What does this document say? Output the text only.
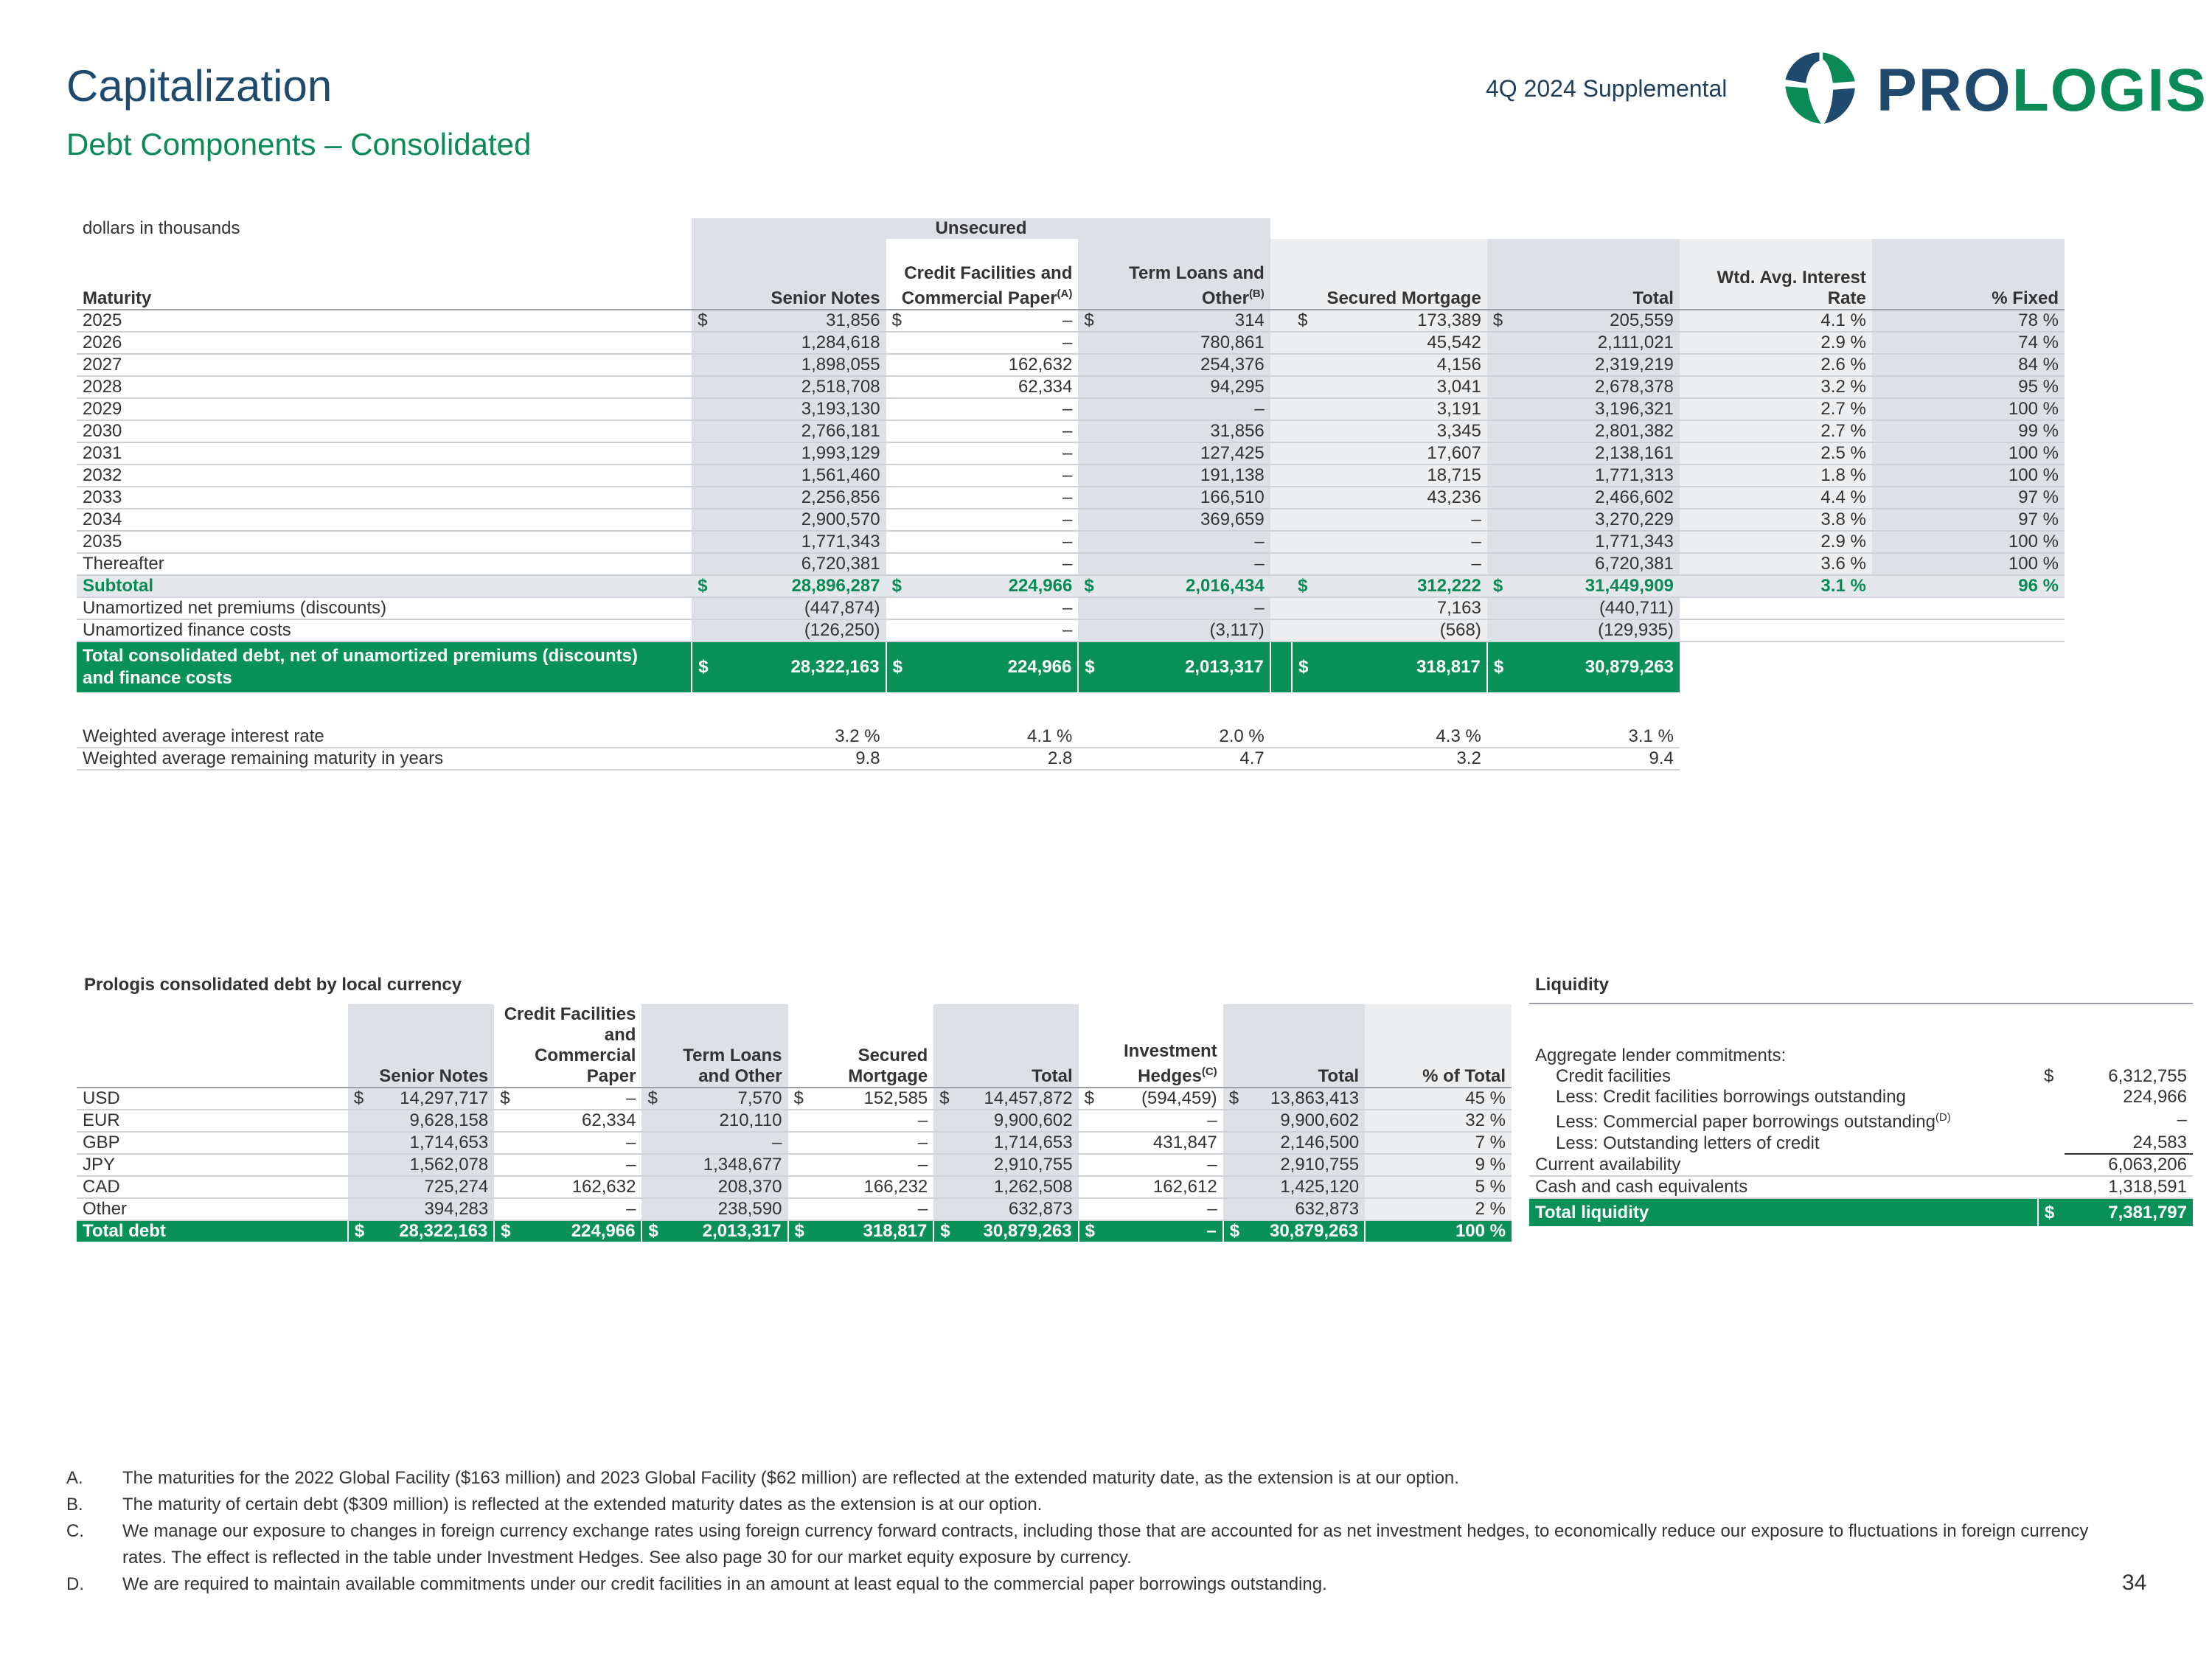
Capitalization
Debt Components – Consolidated
4Q 2024 Supplemental PROLOGIS
dollars in thousands	Unsecured												
Maturity	Senior Notes		Credit Facilities and Commercial Paper$^{(A)}$		Term Loans and Other$^{(B)}$			Secured Mortgage		Total		Wtd. Avg. Interest Rate	% Fixed
2025	$	31,856	$	–	$	314		$	173,389	$	205,559	4.1 %	78 %
2026		1,284,618		–		780,861			45,542		2,111,021	2.9 %	74 %
2027		1,898,055		162,632		254,376			4,156		2,319,219	2.6 %	84 %
2028		2,518,708		62,334		94,295			3,041		2,678,378	3.2 %	95 %
2029		3,193,130		–		–			3,191		3,196,321	2.7 %	100 %
2030		2,766,181		–		31,856			3,345		2,801,382	2.7 %	99 %
2031		1,993,129		–		127,425			17,607		2,138,161	2.5 %	100 %
2032		1,561,460		–		191,138			18,715		1,771,313	1.8 %	100 %
2033		2,256,856		–		166,510			43,236		2,466,602	4.4 %	97 %
2034		2,900,570		–		369,659			–		3,270,229	3.8 %	97 %
2035		1,771,343		–		–			–		1,771,343	2.9 %	100 %
Thereafter		6,720,381		–		–			–		6,720,381	3.6 %	100 %
Subtotal	$	28,896,287	$	224,966	$	2,016,434		$	312,222	$	31,449,909	3.1 %	96 %
Unamortized net premiums (discounts)		(447,874)		–		–			7,163		(440,711)		
Unamortized finance costs		(126,250)		–		(3,117)			(568)		(129,935)		

Total consolidated debt, net of unamortized premiums (discounts)
and finance costs	$	28,322,163	$	224,966	$	2,013,317		$	318,817	$	30,879,263		

Weighted average interest rate		3.2 %		4.1 %		2.0 %			4.3 %		3.1 %		
Weighted average remaining maturity in years		9.8		2.8		4.7			3.2		9.4		
Prologis consolidated debt by local currency
	Senior Notes		Credit Facilities and Commercial Paper		Term Loans and Other		Secured Mortgage		Total		Investment Hedges$^{(C)}$		Total		% of Total
USD	$	14,297,717	$	–	$	7,570	$	152,585	$	14,457,872	$	(594,459)	$	13,863,413	45 %
EUR		9,628,158		62,334		210,110		–		9,900,602		–		9,900,602	32 %
GBP		1,714,653		–		–		–		1,714,653		431,847		2,146,500	7 %
JPY		1,562,078		–		1,348,677		–		2,910,755		–		2,910,755	9 %
CAD		725,274		162,632		208,370		166,232		1,262,508		162,612		1,425,120	5 %
Other		394,283		–		238,590		–		632,873		–		632,873	2 %
Total debt	$	28,322,163	$	224,966	$	2,013,317	$	318,817	$	30,879,263	$	–	$	30,879,263	100 %
Liquidity

Aggregate lender commitments:		
Credit facilities	$	6,312,755
Less: Credit facilities borrowings outstanding		224,966
Less: Commercial paper borrowings outstanding$^{(D)}$		–
Less: Outstanding letters of credit		24,583
Current availability		6,063,206
Cash and cash equivalents		1,318,591
Total liquidity	$	7,381,797
A.	The maturities for the 2022 Global Facility ($163 million) and 2023 Global Facility ($62 million) are reflected at the extended maturity date, as the extension is at our option.
B.	The maturity of certain debt ($309 million) is reflected at the extended maturity dates as the extension is at our option.
C.	We manage our exposure to changes in foreign currency exchange rates using foreign currency forward contracts, including those that are accounted for as net investment hedges, to economically reduce our exposure to fluctuations in foreign currency rates. The effect is reflected in the table under Investment Hedges. See also page 30 for our market equity exposure by currency.
D.	We are required to maintain available commitments under our credit facilities in an amount at least equal to the commercial paper borrowings outstanding.	34
